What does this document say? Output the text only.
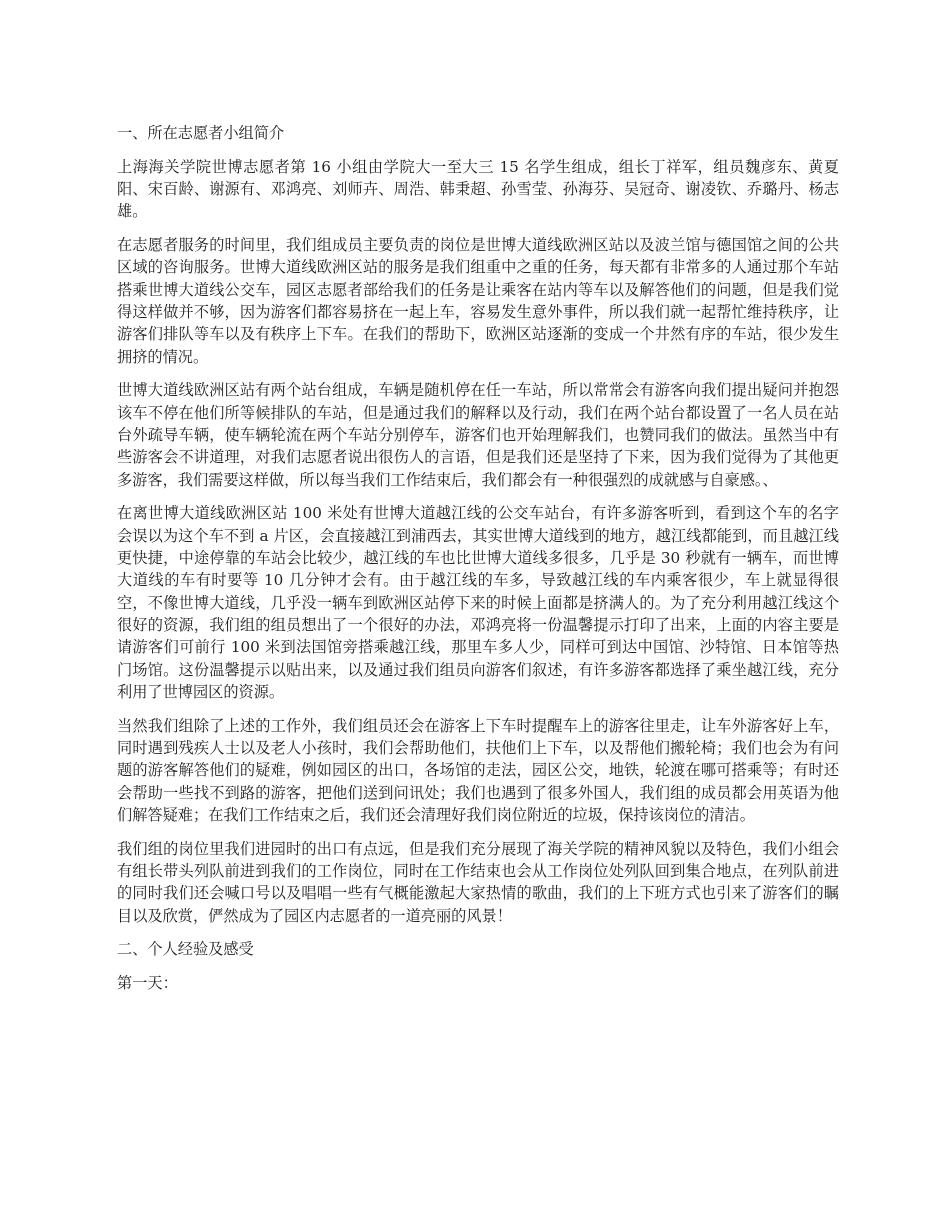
一、所在志愿者小组简介

上海海关学院世博志愿者第 16 小组由学院大一至大三 15 名学生组成，组长丁祥军，组员魏彦东、黄夏阳、宋百龄、谢源有、邓鸿亮、刘师卉、周浩、韩秉超、孙雪莹、孙海芬、吴冠奇、谢凌钦、乔璐丹、杨志雄。

在志愿者服务的时间里，我们组成员主要负责的岗位是世博大道线欧洲区站以及波兰馆与德国馆之间的公共区域的咨询服务。世博大道线欧洲区站的服务是我们组重中之重的任务，每天都有非常多的人通过那个车站搭乘世博大道线公交车，园区志愿者部给我们的任务是让乘客在站内等车以及解答他们的问题，但是我们觉得这样做并不够，因为游客们都容易挤在一起上车，容易发生意外事件，所以我们就一起帮忙维持秩序，让游客们排队等车以及有秩序上下车。在我们的帮助下，欧洲区站逐渐的变成一个井然有序的车站，很少发生拥挤的情况。

世博大道线欧洲区站有两个站台组成，车辆是随机停在任一车站，所以常常会有游客向我们提出疑问并抱怨该车不停在他们所等候排队的车站，但是通过我们的解释以及行动，我们在两个站台都设置了一名人员在站台外疏导车辆，使车辆轮流在两个车站分别停车，游客们也开始理解我们，也赞同我们的做法。虽然当中有些游客会不讲道理，对我们志愿者说出很伤人的言语，但是我们还是坚持了下来，因为我们觉得为了其他更多游客，我们需要这样做，所以每当我们工作结束后，我们都会有一种很强烈的成就感与自豪感。、

在离世博大道线欧洲区站 100 米处有世博大道越江线的公交车站台，有许多游客听到，看到这个车的名字会误以为这个车不到 a 片区，会直接越江到浦西去，其实世博大道线到的地方，越江线都能到，而且越江线更快捷，中途停靠的车站会比较少，越江线的车也比世博大道线多很多，几乎是 30 秒就有一辆车，而世博大道线的车有时要等 10 几分钟才会有。由于越江线的车多，导致越江线的车内乘客很少，车上就显得很空，不像世博大道线，几乎没一辆车到欧洲区站停下来的时候上面都是挤满人的。为了充分利用越江线这个很好的资源，我们组的组员想出了一个很好的办法，邓鸿亮将一份温馨提示打印了出来，上面的内容主要是请游客们可前行 100 米到法国馆旁搭乘越江线，那里车多人少，同样可到达中国馆、沙特馆、日本馆等热门场馆。这份温馨提示以贴出来，以及通过我们组员向游客们叙述，有许多游客都选择了乘坐越江线，充分利用了世博园区的资源。

当然我们组除了上述的工作外，我们组员还会在游客上下车时提醒车上的游客往里走，让车外游客好上车，同时遇到残疾人士以及老人小孩时，我们会帮助他们，扶他们上下车，以及帮他们搬轮椅；我们也会为有问题的游客解答他们的疑难，例如园区的出口，各场馆的走法，园区公交，地铁，轮渡在哪可搭乘等；有时还会帮助一些找不到路的游客，把他们送到问讯处；我们也遇到了很多外国人，我们组的成员都会用英语为他们解答疑难；在我们工作结束之后，我们还会清理好我们岗位附近的垃圾，保持该岗位的清洁。

我们组的岗位里我们进园时的出口有点远，但是我们充分展现了海关学院的精神风貌以及特色，我们小组会有组长带头列队前进到我们的工作岗位，同时在工作结束也会从工作岗位处列队回到集合地点，在列队前进的同时我们还会喊口号以及唱唱一些有气概能激起大家热情的歌曲，我们的上下班方式也引来了游客们的瞩目以及欣赏，俨然成为了园区内志愿者的一道亮丽的风景！

二、个人经验及感受

第一天：
